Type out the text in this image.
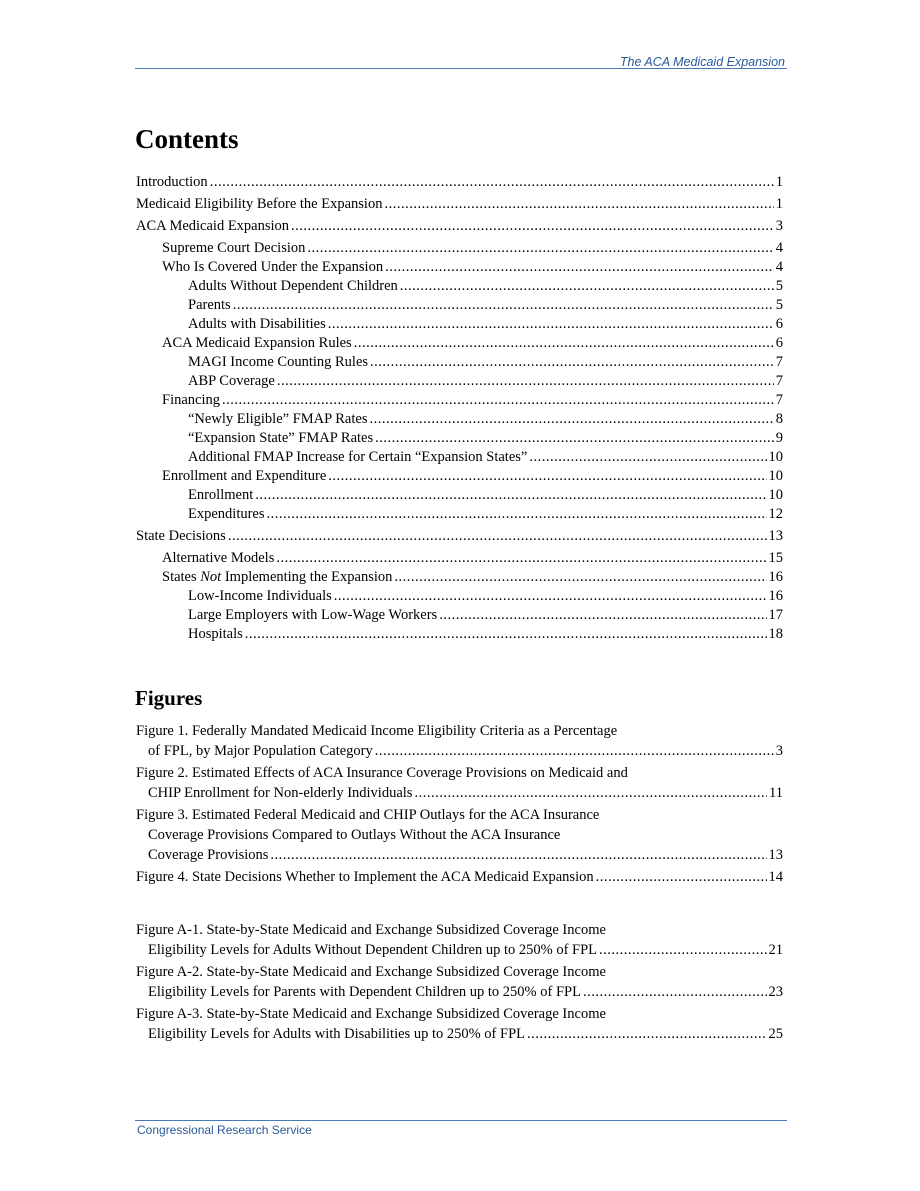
The ACA Medicaid Expansion
Contents
Introduction .....	1
Medicaid Eligibility Before the Expansion .....	1
ACA Medicaid Expansion .....	3
Supreme Court Decision .....	4
Who Is Covered Under the Expansion .....	4
Adults Without Dependent Children .....	5
Parents .....	5
Adults with Disabilities .....	6
ACA Medicaid Expansion Rules .....	6
MAGI Income Counting Rules .....	7
ABP Coverage .....	7
Financing .....	7
“Newly Eligible” FMAP Rates .....	8
“Expansion State” FMAP Rates .....	9
Additional FMAP Increase for Certain “Expansion States” .....	10
Enrollment and Expenditure .....	10
Enrollment .....	10
Expenditures .....	12
State Decisions .....	13
Alternative Models .....	15
States Not Implementing the Expansion .....	16
Low-Income Individuals .....	16
Large Employers with Low-Wage Workers .....	17
Hospitals .....	18
Figures
Figure 1. Federally Mandated Medicaid Income Eligibility Criteria as a Percentage
of FPL, by Major Population Category .....	3
Figure 2. Estimated Effects of ACA Insurance Coverage Provisions on Medicaid and
CHIP Enrollment for Non-elderly Individuals .....	11
Figure 3. Estimated Federal Medicaid and CHIP Outlays for the ACA Insurance
Coverage Provisions Compared to Outlays Without the ACA Insurance
Coverage Provisions .....	13
Figure 4. State Decisions Whether to Implement the ACA Medicaid Expansion .....	14
Figure A-1. State-by-State Medicaid and Exchange Subsidized Coverage Income
Eligibility Levels for Adults Without Dependent Children up to 250% of FPL .....	21
Figure A-2. State-by-State Medicaid and Exchange Subsidized Coverage Income
Eligibility Levels for Parents with Dependent Children up to 250% of FPL .....	23
Figure A-3. State-by-State Medicaid and Exchange Subsidized Coverage Income
Eligibility Levels for Adults with Disabilities up to 250% of FPL .....	25
Congressional Research Service
